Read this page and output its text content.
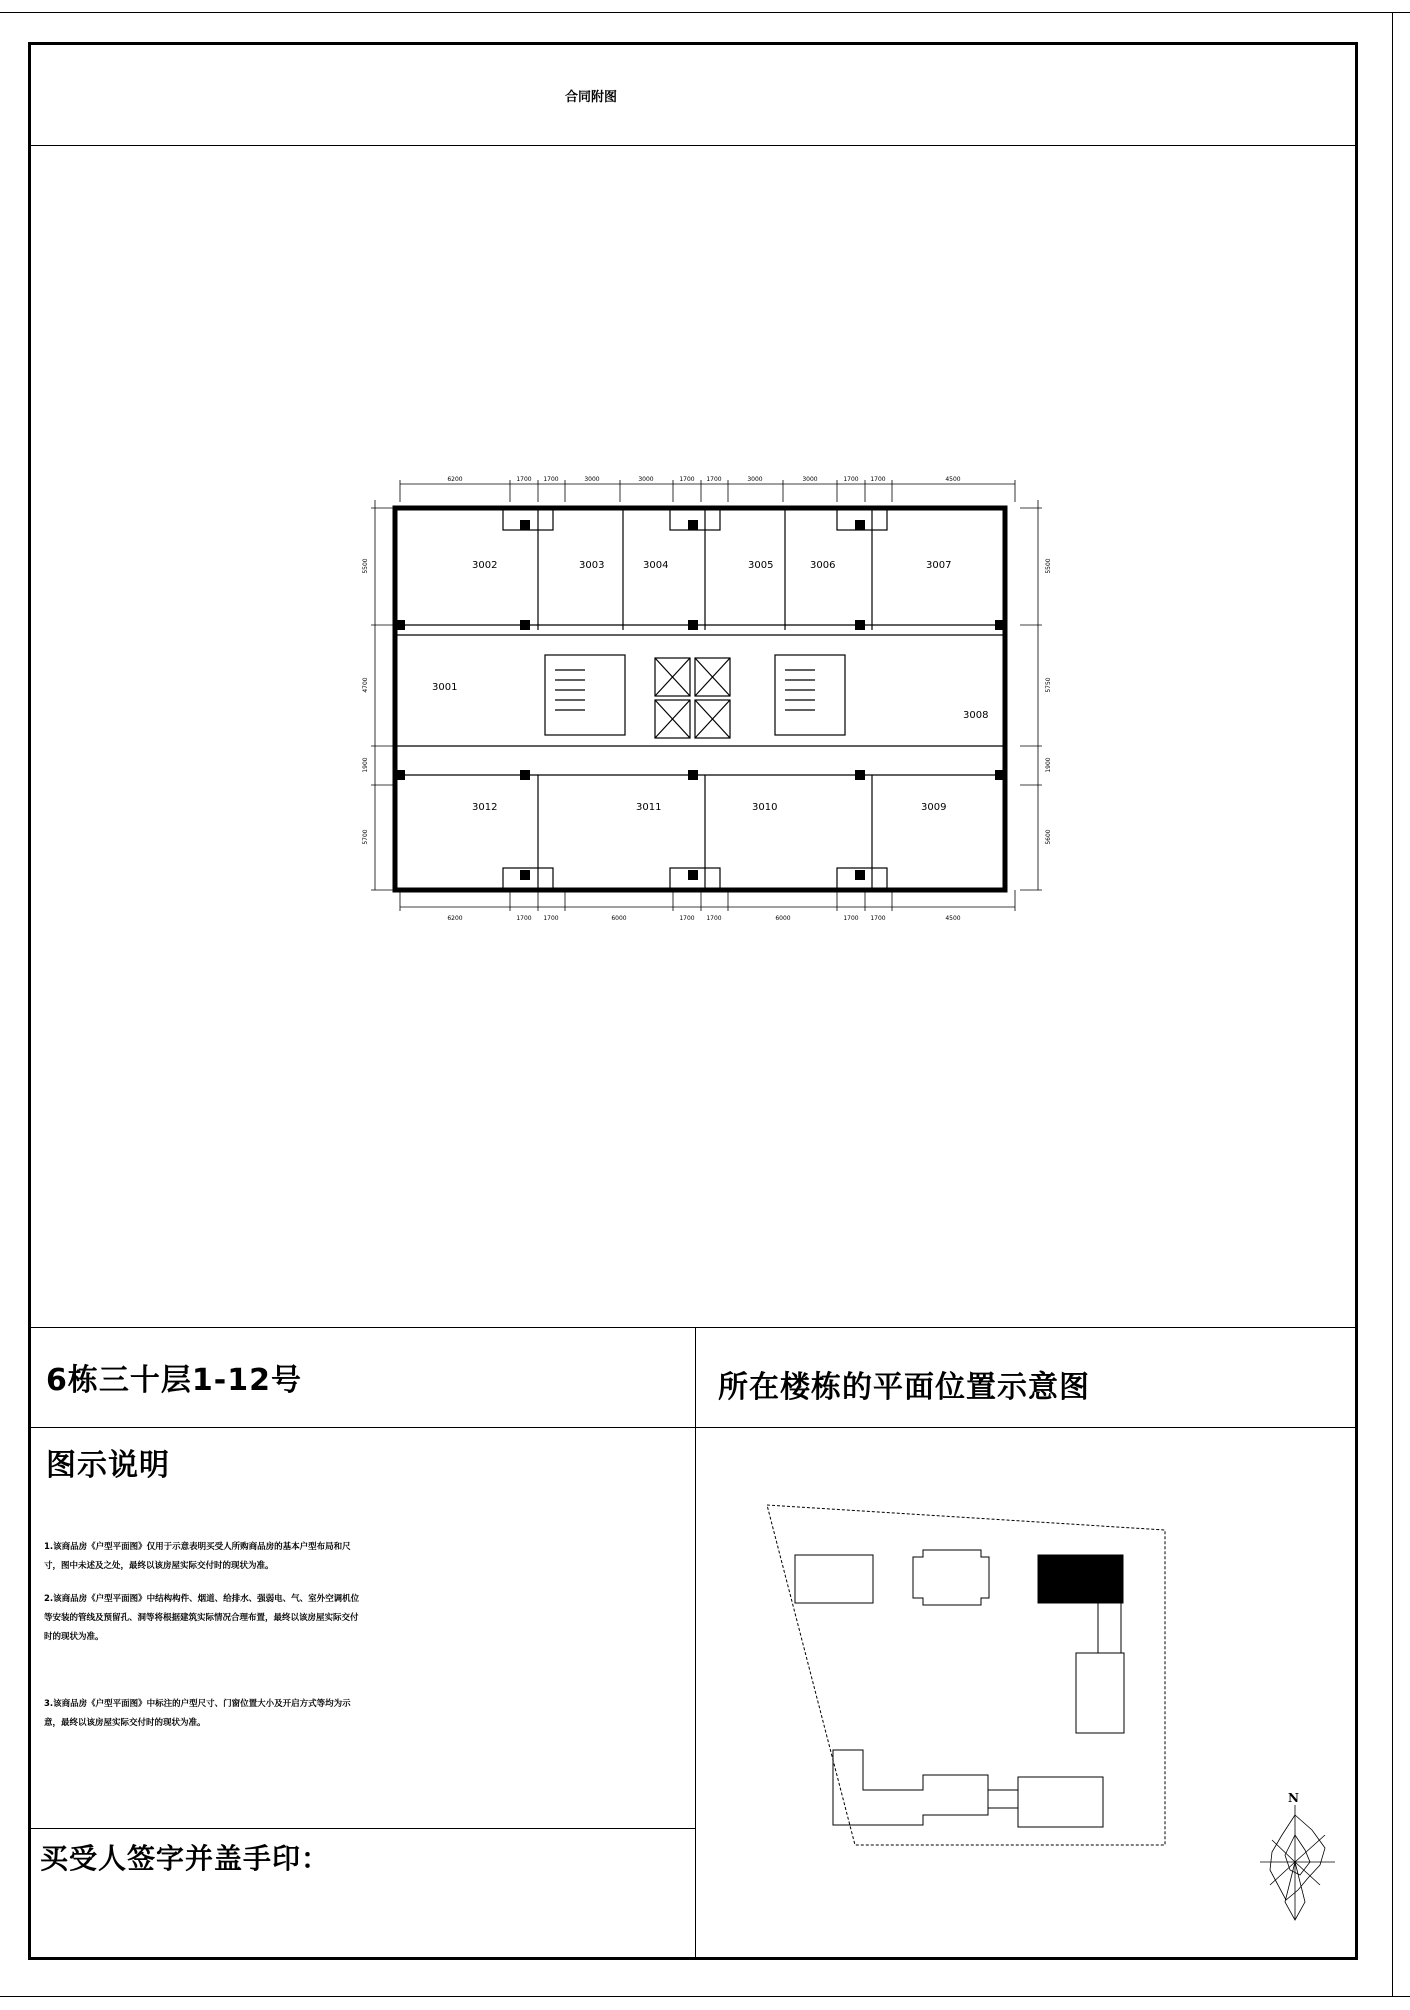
合同附图
3001
3002	3003	3004	3005	3006	3007
3008
3009
3010
3011
3012
6200	1700 1700	3000	3000	1700 1700	3000	3000	1700 1700	4500
6200	1700 1700	6000	1700 1700	6000	1700 1700	4500
5500
4700
1900
5700
5500
5750
1900
5600
6栋三十层1-12号	所在楼栋的平面位置示意图
图示说明
1.该商品房《户型平面图》仅用于示意表明买受人所购商品房的基本户型布局和尺寸，图中未述及之处，最终以该房屋实际交付时的现状为准。
2.该商品房《户型平面图》中结构构件、烟道、给排水、强弱电、气、室外空调机位等安装的管线及预留孔、洞等将根据建筑实际情况合理布置，最终以该房屋实际交付时的现状为准。
3.该商品房《户型平面图》中标注的户型尺寸、门窗位置大小及开启方式等均为示意，最终以该房屋实际交付时的现状为准。
买受人签字并盖手印：
N
